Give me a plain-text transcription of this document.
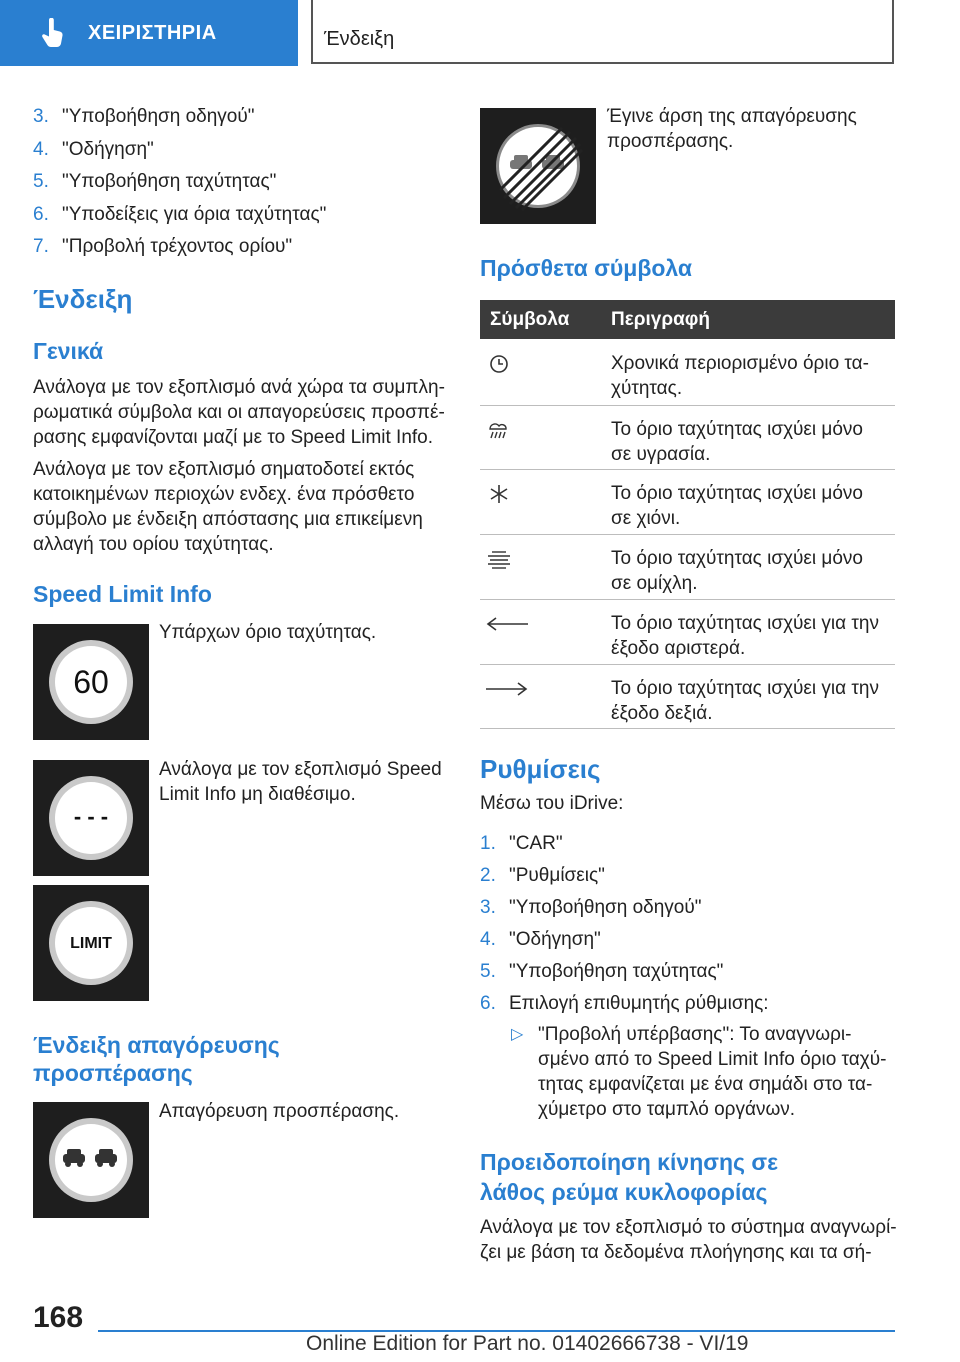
ΧΕΙΡΙΣΤΗΡΙΑ	Ένδειξη
3. "Υποβοήθηση οδηγού"
4. "Οδήγηση"
5. "Υποβοήθηση ταχύτητας"
6. "Υποδείξεις για όρια ταχύτητας"
7. "Προβολή τρέχοντος ορίου"
Ένδειξη
Γενικά
Ανάλογα με τον εξοπλισμό ανά χώρα τα συμπλη-
ρωματικά σύμβολα και οι απαγορεύσεις προσπέ-
ρασης εμφανίζονται μαζί με το Speed Limit Info.
Ανάλογα με τον εξοπλισμό σηματοδοτεί εκτός
κατοικημένων περιοχών ενδεχ. ένα πρόσθετο
σύμβολο με ένδειξη απόστασης μια επικείμενη
αλλαγή του ορίου ταχύτητας.
Speed Limit Info
60
Υπάρχων όριο ταχύτητας.
- - -
Ανάλογα με τον εξοπλισμό Speed
Limit Info μη διαθέσιμο.
LIMIT
Ένδειξη απαγόρευσης
προσπέρασης
Απαγόρευση προσπέρασης.
Έγινε άρση της απαγόρευσης
προσπέρασης.
Πρόσθετα σύμβολα
Σύμβολα Περιγραφή
Χρονικά περιορισμένο όριο τα-
χύτητας.
Το όριο ταχύτητας ισχύει μόνο
σε υγρασία.
Το όριο ταχύτητας ισχύει μόνο
σε χιόνι.
Το όριο ταχύτητας ισχύει μόνο
σε ομίχλη.
Το όριο ταχύτητας ισχύει για την
έξοδο αριστερά.
Το όριο ταχύτητας ισχύει για την
έξοδο δεξιά.
Ρυθμίσεις
Μέσω του iDrive:
1. "CAR"
2. "Ρυθμίσεις"
3. "Υποβοήθηση οδηγού"
4. "Οδήγηση"
5. "Υποβοήθηση ταχύτητας"
6. Επιλογή επιθυμητής ρύθμισης:
▷ "Προβολή υπέρβασης": Το αναγνωρι-
σμένο από το Speed Limit Info όριο ταχύ-
τητας εμφανίζεται με ένα σημάδι στο τα-
χύμετρο στο ταμπλό οργάνων.
Προειδοποίηση κίνησης σε
λάθος ρεύμα κυκλοφορίας
Ανάλογα με τον εξοπλισμό το σύστημα αναγνωρί-
ζει με βάση τα δεδομένα πλοήγησης και τα σή-
168
Online Edition for Part no. 01402666738 - VI/19
